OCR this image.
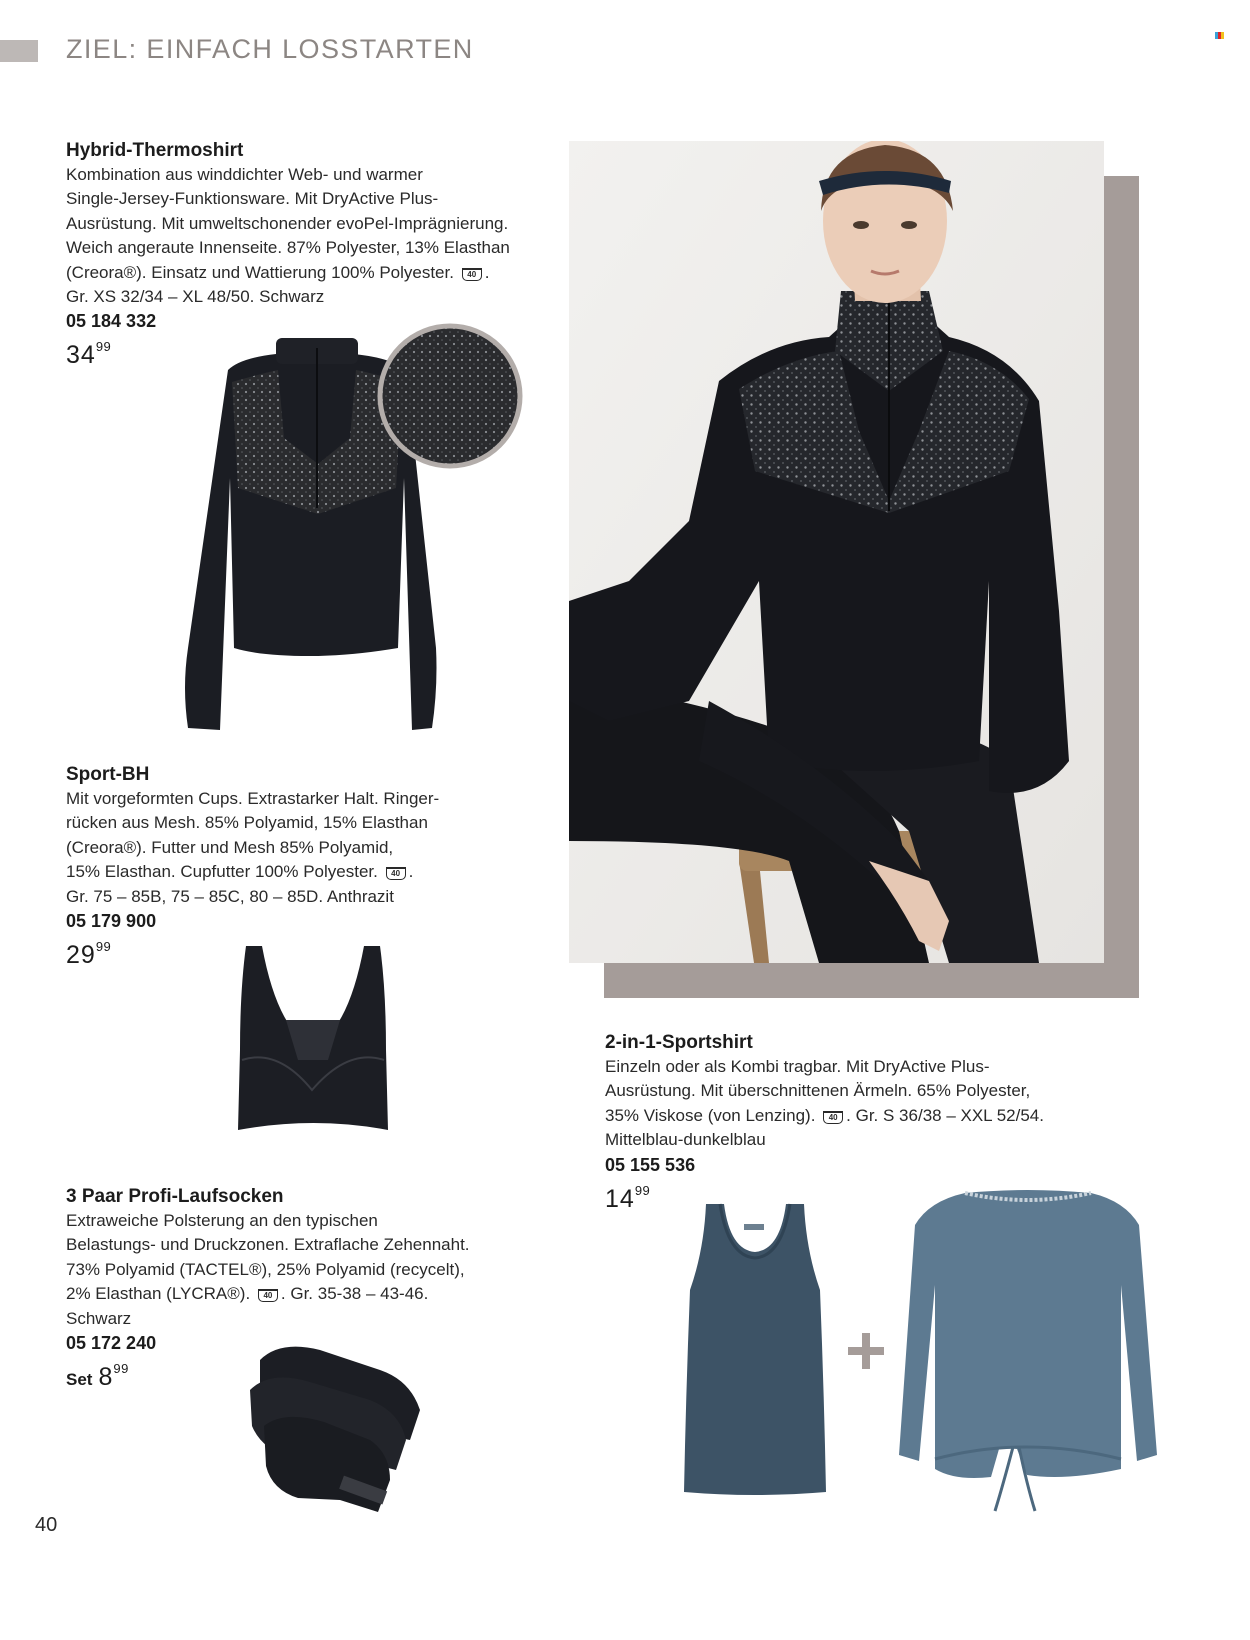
ZIEL: EINFACH LOSSTARTEN
Hybrid-Thermoshirt
Kombination aus winddichter Web- und warmer
Single-Jersey-Funktionsware. Mit DryActive Plus-
Ausrüstung. Mit umweltschonender evoPel-Imprägnierung.
Weich angeraute Innenseite. 87% Polyester, 13% Elasthan
(Creora®). Einsatz und Wattierung 100% Polyester. 40 .
Gr. XS 32/34 – XL 48/50. Schwarz
05 184 332
$34^{99}$
Sport-BH
Mit vorgeformten Cups. Extrastarker Halt. Ringer-
rücken aus Mesh. 85% Polyamid, 15% Elasthan
(Creora®). Futter und Mesh 85% Polyamid,
15% Elasthan. Cupfutter 100% Polyester. 40 .
Gr. 75 – 85B, 75 – 85C, 80 – 85D. Anthrazit
05 179 900
$29^{99}$
3 Paar Profi-Laufsocken
Extraweiche Polsterung an den typischen
Belastungs- und Druckzonen. Extraflache Zehennaht.
73% Polyamid (TACTEL®), 25% Polyamid (recycelt),
2% Elasthan (LYCRA®). 40 . Gr. 35-38 – 43-46.
Schwarz
05 172 240
Set $8^{99}$
2-in-1-Sportshirt
Einzeln oder als Kombi tragbar. Mit DryActive Plus-
Ausrüstung. Mit überschnittenen Ärmeln. 65% Polyester,
35% Viskose (von Lenzing). 40 . Gr. S 36/38 – XXL 52/54.
Mittelblau-dunkelblau
05 155 536
$14^{99}$
40
